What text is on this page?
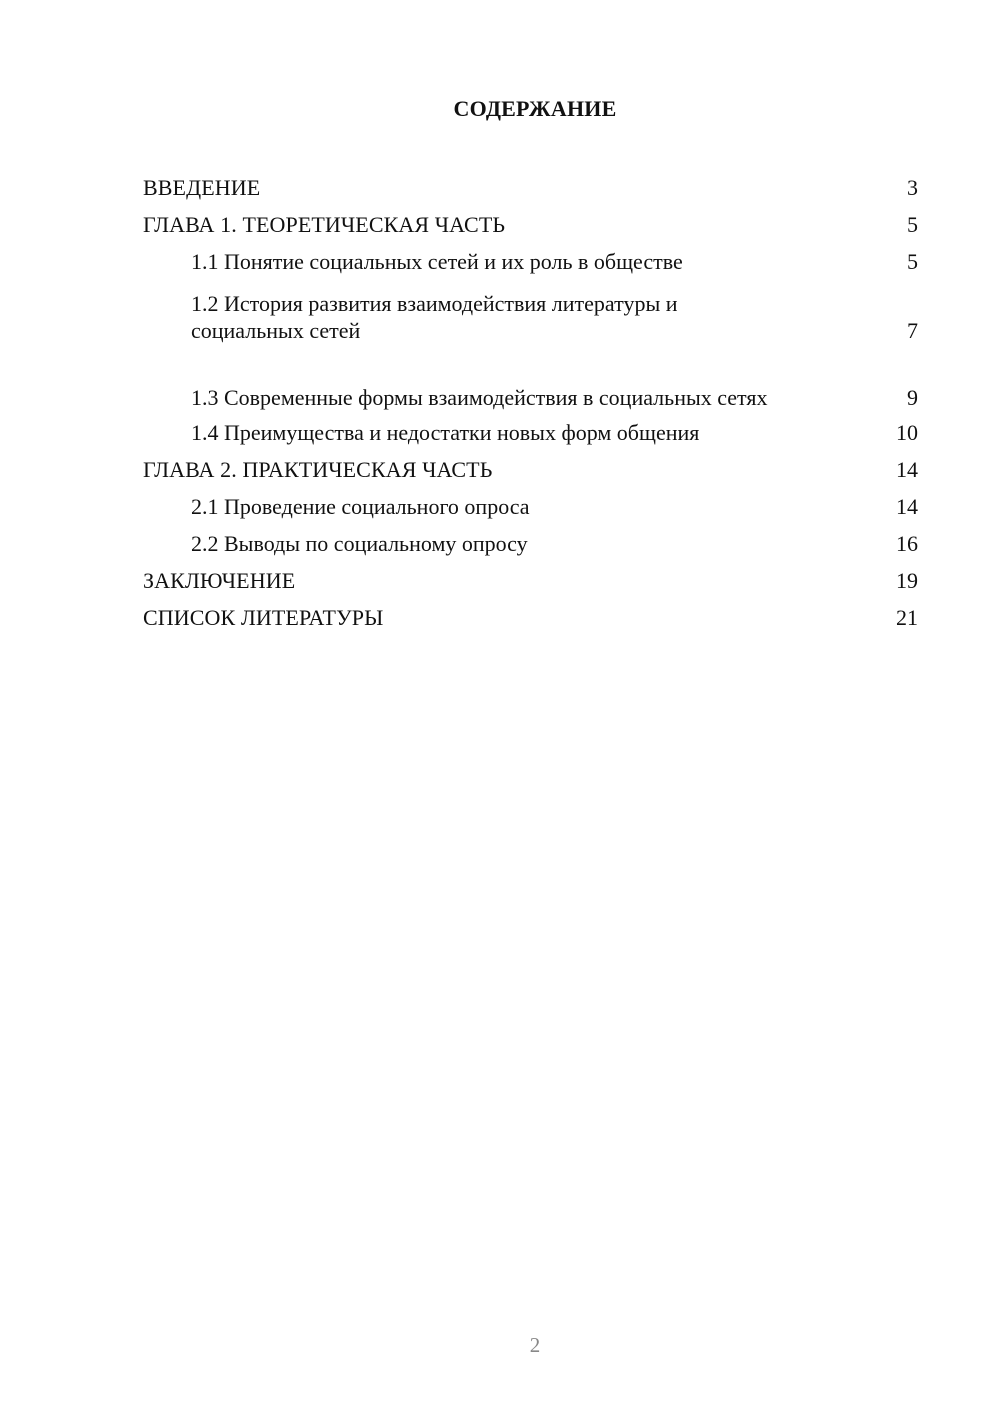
СОДЕРЖАНИЕ
ВВЕДЕНИЕ	3
ГЛАВА 1. ТЕОРЕТИЧЕСКАЯ ЧАСТЬ	5
1.1 Понятие социальных сетей и их роль в обществе	5
1.2 История развития взаимодействия литературы и социальных сетей	7
1.3 Современные формы взаимодействия в социальных сетях	9
1.4 Преимущества и недостатки новых форм общения	10
ГЛАВА 2. ПРАКТИЧЕСКАЯ ЧАСТЬ	14
2.1 Проведение социального опроса	14
2.2 Выводы по социальному опросу	16
ЗАКЛЮЧЕНИЕ	19
СПИСОК ЛИТЕРАТУРЫ	21
2
